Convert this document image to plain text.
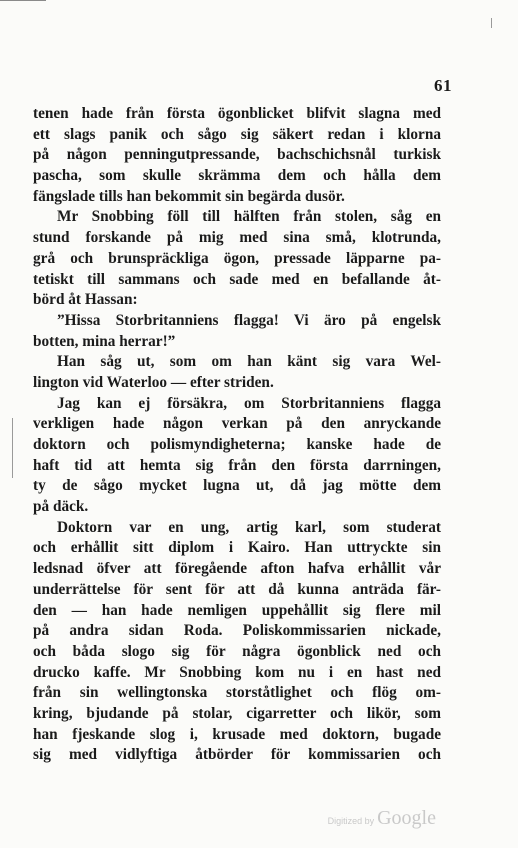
61
tenen hade från första ögonblicket blifvit slagna med
ett slags panik och sågo sig säkert redan i klorna
på någon penningutpressande, bachschichsnål turkisk
pascha, som skulle skrämma dem och hålla dem
fängslade tills han bekommit sin begärda dusör.
Mr Snobbing föll till hälften från stolen, såg en
stund forskande på mig med sina små, klotrunda,
grå och brunspräckliga ögon, pressade läpparne pa-
tetiskt till sammans och sade med en befallande åt-
börd åt Hassan:
”Hissa Storbritanniens flagga! Vi äro på engelsk
botten, mina herrar!”
Han såg ut, som om han känt sig vara Wel-
lington vid Waterloo — efter striden.
Jag kan ej försäkra, om Storbritanniens flagga
verkligen hade någon verkan på den anryckande
doktorn och polismyndigheterna; kanske hade de
haft tid att hemta sig från den första darrningen,
ty de sågo mycket lugna ut, då jag mötte dem
på däck.
Doktorn var en ung, artig karl, som studerat
och erhållit sitt diplom i Kairo. Han uttryckte sin
ledsnad öfver att föregående afton hafva erhållit vår
underrättelse för sent för att då kunna anträda fär-
den — han hade nemligen uppehållit sig flere mil
på andra sidan Roda. Poliskommissarien nickade,
och båda slogo sig för några ögonblick ned och
drucko kaffe. Mr Snobbing kom nu i en hast ned
från sin wellingtonska storståtlighet och flög om-
kring, bjudande på stolar, cigarretter och likör, som
han fjeskande slog i, krusade med doktorn, bugade
sig med vidlyftiga åtbörder för kommissarien och
Digitized by Google
